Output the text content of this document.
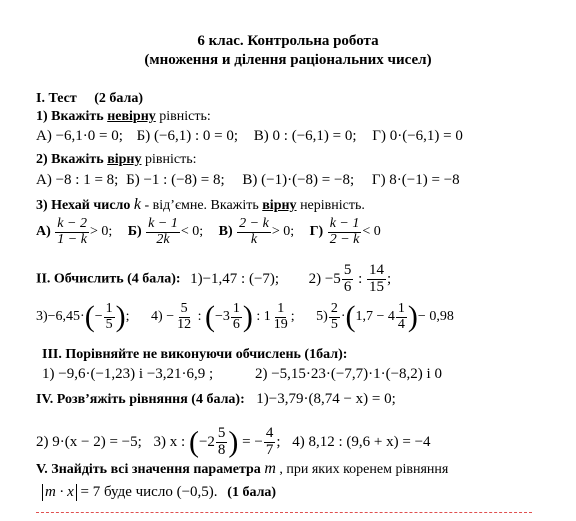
6 клас. Контрольна робота
(множення и ділення раціональних чисел)
I. Тест (2 бала)
1) Вкажіть невірну рівність:
А) −6,1·0 = 0; Б) (−6,1) : 0 = 0; В) 0 : (−6,1) = 0; Г) 0·(−6,1) = 0
2) Вкажіть вірну рівність:
А) −8 : 1 = 8; Б) −1 : (−8) = 8; В) (−1)·(−8) = −8; Г) 8·(−1) = −8
3) Нехай число k - від’ємне. Вкажіть вірну нерівність.
$А) \frac{k - 2}{1 - k} > 0$; $Б) \frac{k - 1}{2k} < 0$; $В) \frac{2 - k}{k} > 0$; $Г) \frac{k - 1}{2 - k} < 0$
II. Обчислить (4 бала): 1)−1,47 : (−7); $2) -5 \frac{5}{6}$ : $\frac{14}{15}$ ;
$3)-6,45\cdot(- \frac{1}{5}$ ); $4) - \frac{5}{12}$ : ($-3 \frac{1}{6}$ ) : $1 \frac{1}{19}$ ; $5) \frac{2}{5} \cdot(1,7 - 4 \frac{1}{4}$ )− 0,98
III. Порівняйте не виконуючи обчислень (1бал):
1) −9,6·(−1,23) і −3,21·6,9 ;	2) −5,15·23·(−7,7)·1·(−8,2) і 0
IV. Розв’яжіть рівняння (4 бала): 1)−3,79·(8,74 − x) = 0;
2) 9·(x − 2) = −5; 3) x : ($-2 \frac{5}{8}$ ) = − $\frac{4}{7}$ ; 4) 8,12 : (9,6 + x) = −4
V. Знайдіть всі значення параметра m , при яких коренем рівняння
m · x = 7 буде число (−0,5). (1 бала)
